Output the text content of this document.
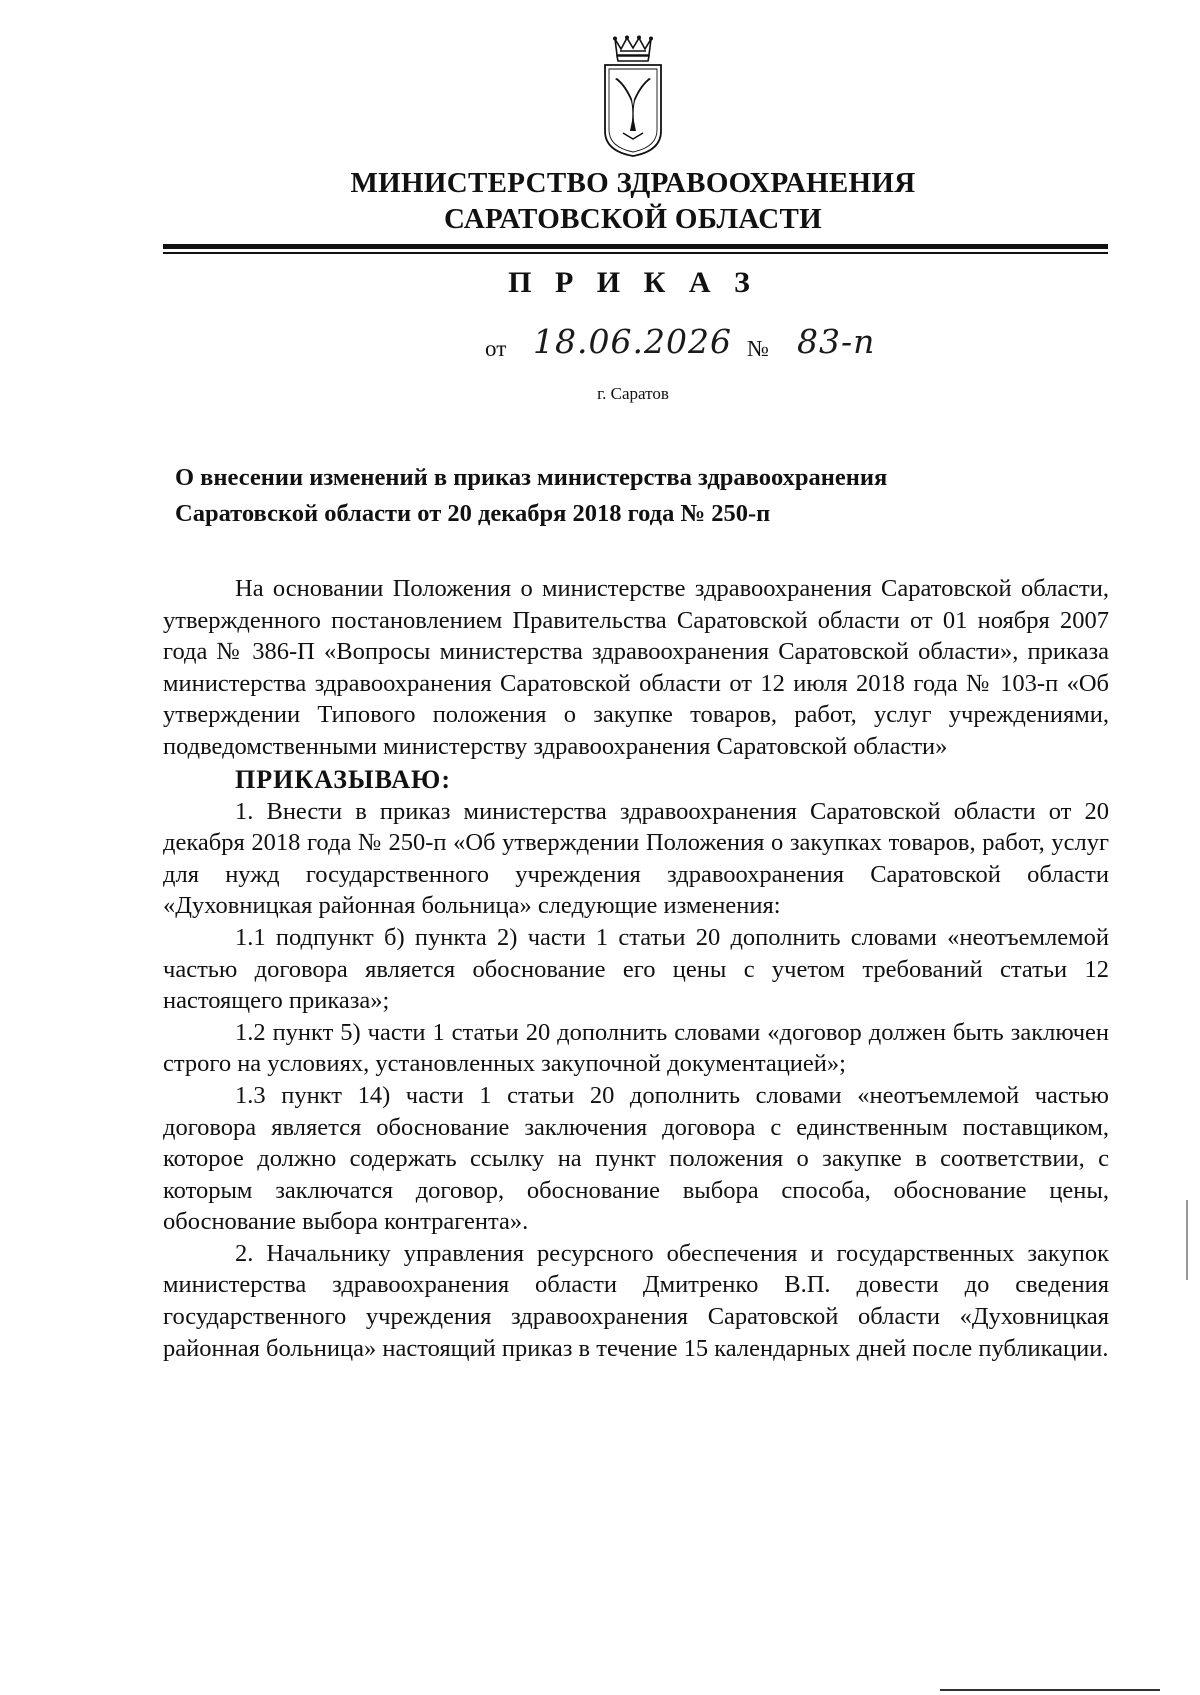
МИНИСТЕРСТВО ЗДРАВООХРАНЕНИЯ
САРАТОВСКОЙ ОБЛАСТИ
П Р И К А З
от 18.06.2026 № 83-п
г. Саратов
О внесении изменений в приказ министерства здравоохранения
Саратовской области от 20 декабря 2018 года № 250-п

На основании Положения о министерстве здравоохранения Саратовской области, утвержденного постановлением Правительства Саратовской области от 01 ноября 2007 года № 386-П «Вопросы министерства здравоохранения Саратовской области», приказа министерства здравоохранения Саратовской области от 12 июля 2018 года № 103-п «Об утверждении Типового положения о закупке товаров, работ, услуг учреждениями, подведомственными министерству здравоохранения Саратовской области»

ПРИКАЗЫВАЮ:

1. Внести в приказ министерства здравоохранения Саратовской области от 20 декабря 2018 года № 250-п «Об утверждении Положения о закупках товаров, работ, услуг для нужд государственного учреждения здравоохранения Саратовской области «Духовницкая районная больница» следующие изменения:

1.1 подпункт б) пункта 2) части 1 статьи 20 дополнить словами «неотъемлемой частью договора является обоснование его цены с учетом требований статьи 12 настоящего приказа»;

1.2 пункт 5) части 1 статьи 20 дополнить словами «договор должен быть заключен строго на условиях, установленных закупочной документацией»;

1.3 пункт 14) части 1 статьи 20 дополнить словами «неотъемлемой частью договора является обоснование заключения договора с единственным поставщиком, которое должно содержать ссылку на пункт положения о закупке в соответствии, с которым заключатся договор, обоснование выбора способа, обоснование цены, обоснование выбора контрагента».

2. Начальнику управления ресурсного обеспечения и государственных закупок министерства здравоохранения области Дмитренко В.П. довести до сведения государственного учреждения здравоохранения Саратовской области «Духовницкая районная больница» настоящий приказ в течение 15 календарных дней после публикации.
